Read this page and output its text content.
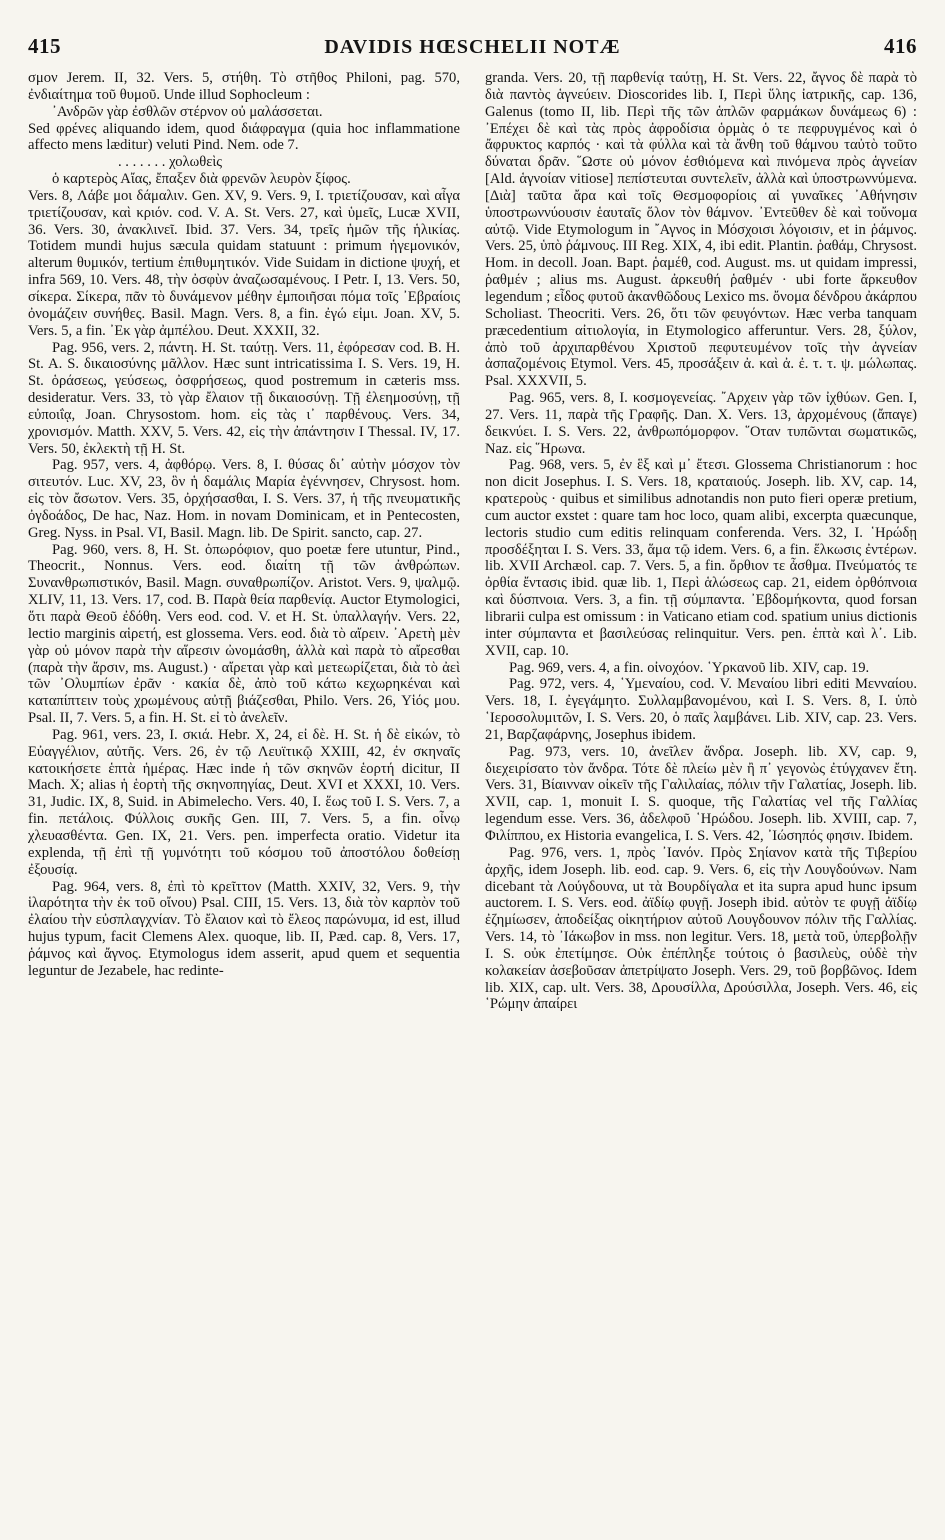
415	DAVIDIS HŒSCHELII NOTÆ	416

σμον Jerem. II, 32. Vers. 5, στήθη. Τὸ στῆθος Philoni, pag. 570, ἐνδιαίτημα τοῦ θυμοῦ. Unde illud Sophocleum :

᾽Ανδρῶν γὰρ ἐσθλῶν στέρνον οὐ μαλάσσεται.

Sed φρένες aliquando idem, quod διάφραγμα (quia hoc inflammatione affecto mens læditur) veluti Pind. Nem. ode 7.

. . . . . . . χολωθεὶς

ὁ καρτερὸς Αἴας, ἔπαξεν διὰ φρενῶν λευρὸν ξίφος.

Vers. 8, Λάβε μοι δάμαλιν. Gen. XV, 9. Vers. 9, I. τριετίζουσαν, καὶ αἶγα τριετίζουσαν, καὶ κριόν. cod. V. A. St. Vers. 27, καὶ ὑμεῖς, Lucæ XVII, 36. Vers. 30, ἀνακλινεῖ. Ibid. 37. Vers. 34, τρεῖς ἡμῶν τῆς ἡλικίας. Totidem mundi hujus sæcula quidam statuunt : primum ἡγεμονικόν, alterum θυμικόν, tertium ἐπιθυμητικόν. Vide Suidam in dictione ψυχή, et infra 569, 10. Vers. 48, τὴν ὀσφὺν ἀναζωσαμένους. I Petr. I, 13. Vers. 50, σίκερα. Σίκερα, πᾶν τὸ δυνάμενον μέθην ἐμποιῆσαι πόμα τοῖς ᾽Εβραίοις ὀνομάζειν συνήθες. Basil. Magn. Vers. 8, a fin. ἐγώ εἰμι. Joan. XV, 5. Vers. 5, a fin. ᾽Εκ γὰρ ἀμπέλου. Deut. XXXII, 32.

Pag. 956, vers. 2, πάντη. H. St. ταύτῃ. Vers. 11, ἐφόρεσαν cod. B. H. St. A. S. δικαιοσύνης μᾶλλον. Hæc sunt intricatissima I. S. Vers. 19, H. St. ὁράσεως, γεύσεως, ὀσφρήσεως, quod postremum in cæteris mss. desideratur. Vers. 33, τὸ γὰρ ἔλαιον τῇ δικαιοσύνῃ. Τῇ ἐλεημοσύνῃ, τῇ εὐποιΐᾳ, Joan. Chrysostom. hom. εἰς τὰς ι᾽ παρθένους. Vers. 34, χρονισμόν. Matth. XXV, 5. Vers. 42, εἰς τὴν ἀπάντησιν I Thessal. IV, 17. Vers. 50, ἐκλεκτὴ τῇ H. St.

Pag. 957, vers. 4, ἀφθόρῳ. Vers. 8, I. θύσας δι᾽ αὐτὴν μόσχον τὸν σιτευτόν. Luc. XV, 23, ὃν ἡ δαμάλις Μαρία ἐγέννησεν, Chrysost. hom. εἰς τὸν ἄσωτον. Vers. 35, ὀρχήσασθαι, I. S. Vers. 37, ἡ τῆς πνευματικῆς ὀγδοάδος, De hac, Naz. Hom. in novam Dominicam, et in Pentecosten, Greg. Nyss. in Psal. VI, Basil. Magn. lib. De Spirit. sancto, cap. 27.

Pag. 960, vers. 8, H. St. ὀπωρόφιον, quo poetæ fere utuntur, Pind., Theocrit., Nonnus. Vers. eod. διαίτη τῇ τῶν ἀνθρώπων. Συνανθρωπιστικόν, Basil. Magn. συναθρωπίζον. Aristot. Vers. 9, ψαλμῷ. XLIV, 11, 13. Vers. 17, cod. B. Παρὰ θεία παρθενίᾳ. Auctor Etymologici, ὅτι παρὰ Θεοῦ ἐδόθη. Vers eod. cod. V. et H. St. ὑπαλλαγήν. Vers. 22, lectio marginis αἱρετή, est glossema. Vers. eod. διὰ τὸ αἴρειν. ᾽Αρετὴ μὲν γὰρ οὐ μόνον παρὰ τὴν αἵρεσιν ὠνομάσθη, ἀλλὰ καὶ παρὰ τὸ αἴρεσθαι (παρὰ τὴν ἄρσιν, ms. August.) · αἴρεται γὰρ καὶ μετεωρίζεται, διὰ τὸ ἀεὶ τῶν ᾽Ολυμπίων ἐρᾶν · κακία δὲ, ἀπὸ τοῦ κάτω κεχωρηκέναι καὶ καταπίπτειν τοὺς χρωμένους αὐτῇ βιάζεσθαι, Philo. Vers. 26, Υἱός μου. Psal. II, 7. Vers. 5, a fin. H. St. εἰ τὸ ἀνελεῖν.

Pag. 961, vers. 23, I. σκιά. Hebr. X, 24, εἰ δὲ. H. St. ἡ δὲ εἰκών, τὸ Εὐαγγέλιον, αὐτῆς. Vers. 26, ἐν τῷ Λευϊτικῷ XXIII, 42, ἐν σκηναῖς κατοικήσετε ἑπτὰ ἡμέρας. Hæc inde ἡ τῶν σκηνῶν ἑορτή dicitur, II Mach. X; alias ἡ ἑορτὴ τῆς σκηνοπηγίας, Deut. XVI et XXXI, 10. Vers. 31, Judic. IX, 8, Suid. in Abimelecho. Vers. 40, I. ἕως τοῦ I. S. Vers. 7, a fin. πετάλοις. Φύλλοις συκῆς Gen. III, 7. Vers. 5, a fin. οἶνῳ χλευασθέντα. Gen. IX, 21. Vers. pen. imperfecta oratio. Videtur ita explenda, τῇ ἐπὶ τῇ γυμνότητι τοῦ κόσμου τοῦ ἀποστόλου δοθείσῃ ἐξουσίᾳ.

Pag. 964, vers. 8, ἐπὶ τὸ κρεῖττον (Matth. XXIV, 32, Vers. 9, τὴν ἱλαρότητα τὴν ἐκ τοῦ οἴνου) Psal. CIII, 15. Vers. 13, διὰ τὸν καρπὸν τοῦ ἐλαίου τὴν εὐσπλαγχνίαν. Τὸ ἔλαιον καὶ τὸ ἔλεος παρώνυμα, id est, illud hujus typum, facit Clemens Alex. quoque, lib. II, Pæd. cap. 8, Vers. 17, ῥάμνος καὶ ἄγνος. Etymologus idem asserit, apud quem et sequentia leguntur de Jezabele, hac redinte-

granda. Vers. 20, τῇ παρθενίᾳ ταύτῃ, H. St. Vers. 22, ἄγνος δὲ παρὰ τὸ διὰ παντὸς ἁγνεύειν. Dioscorides lib. I, Περὶ ὕλης ἰατρικῆς, cap. 136, Galenus (tomo II, lib. Περὶ τῆς τῶν ἁπλῶν φαρμάκων δυνάμεως 6) : ᾽Επέχει δὲ καὶ τὰς πρὸς ἀφροδίσια ὁρμὰς ὁ τε πεφρυγμένος καὶ ὁ ἄφρυκτος καρπός · καὶ τὰ φύλλα καὶ τὰ ἄνθη τοῦ θάμνου ταὐτὸ τοῦτο δύναται δρᾶν. ῞Ωστε οὐ μόνον ἐσθιόμενα καὶ πινόμενα πρὸς ἁγνείαν [Ald. ἁγνοίαν vitiose] πεπίστευται συντελεῖν, ἀλλὰ καὶ ὑποστρωννύμενα. [Διὰ] ταῦτα ἄρα καὶ τοῖς Θεσμοφορίοις αἱ γυναῖκες ᾽Αθήνησιν ὑποστρωννύουσιν ἑαυταῖς ὅλον τὸν θάμνον. ᾽Εντεῦθεν δὲ καὶ τοὔνομα αὐτῷ. Vide Etymologum in ῎Αγνος in Μόσχοισι λόγοισιν, et in ῥάμνος. Vers. 25, ὑπὸ ῥάμνους. III Reg. XIX, 4, ibi edit. Plantin. ῥαθάμ, Chrysost. Hom. in decoll. Joan. Bapt. ῥαμέθ, cod. August. ms. ut quidam impressi, ῥαθμέν ; alius ms. August. ἀρκευθή ῥαθμέν · ubi forte ἄρκευθον legendum ; εἶδος φυτοῦ ἀκανθῶδους Lexico ms. ὄνομα δένδρου ἀκάρπου Scholiast. Theocriti. Vers. 26, ὅτι τῶν φευγόντων. Hæc verba tanquam præcedentium αἰτιολογία, in Etymologico afferuntur. Vers. 28, ξύλον, ἀπὸ τοῦ ἀρχιπαρθένου Χριστοῦ πεφυτευμένον τοῖς τὴν ἁγνείαν ἀσπαζομένοις Etymol. Vers. 45, προσάξειν ἀ. καὶ ἀ. ἐ. τ. τ. ψ. μώλωπας. Psal. XXXVII, 5.

Pag. 965, vers. 8, I. κοσμογενείας. ῎Αρχειν γὰρ τῶν ἰχθύων. Gen. I, 27. Vers. 11, παρὰ τῆς Γραφῆς. Dan. X. Vers. 13, ἀρχομένους (ἄπαγε) δεικνύει. I. S. Vers. 22, ἀνθρωπόμορφον. ῞Οταν τυπῶνται σωματικῶς, Naz. εἰς ῞Ηρωνα.

Pag. 968, vers. 5, ἐν ἓξ καὶ μ᾽ ἔτεσι. Glossema Christianorum : hoc non dicit Josephus. I. S. Vers. 18, κραταιούς. Joseph. lib. XV, cap. 14, κρατεροὺς · quibus et similibus adnotandis non puto fieri operæ pretium, cum auctor exstet : quare tam hoc loco, quam alibi, excerpta quæcunque, lectoris studio cum editis relinquam conferenda. Vers. 32, I. ῾Ηρώδῃ προσδέξηται I. S. Vers. 33, ἅμα τῷ idem. Vers. 6, a fin. ἕλκωσις ἐντέρων. lib. XVII Archæol. cap. 7. Vers. 5, a fin. ὄρθιον τε ἆσθμα. Πνεύματός τε ὀρθία ἔντασις ibid. quæ lib. 1, Περὶ ἁλώσεως cap. 21, eidem ὀρθόπνοια καὶ δύσπνοια. Vers. 3, a fin. τῇ σύμπαντα. ᾽Εβδομήκοντα, quod forsan librarii culpa est omissum : in Vaticano etiam cod. spatium unius dictionis inter σύμπαντα et βασιλεύσας relinquitur. Vers. pen. ἑπτὰ καὶ λ᾽. Lib. XVII, cap. 10.

Pag. 969, vers. 4, a fin. οἰνοχόον. ῾Υρκανοῦ lib. XIV, cap. 19.

Pag. 972, vers. 4, ῾Υμεναίου, cod. V. Μεναίου libri editi Μενναίου. Vers. 18, I. ἐγεγάμητο. Συλλαμβανομένου, καὶ I. S. Vers. 8, I. ὑπὸ ῾Ιεροσολυμιτῶν, I. S. Vers. 20, ὁ παῖς λαμβάνει. Lib. XIV, cap. 23. Vers. 21, Βαρζαφάρνης, Josephus ibidem.

Pag. 973, vers. 10, ἀνεῖλεν ἄνδρα. Joseph. lib. XV, cap. 9, διεχειρίσατο τὸν ἄνδρα. Τότε δὲ πλείω μὲν ἢ π᾽ γεγονὼς ἐτύγχανεν ἔτη. Vers. 31, Βίαινναν οἰκεῖν τῆς Γαλιλαίας, πόλιν τῆν Γαλατίας, Joseph. lib. XVII, cap. 1, monuit I. S. quoque, τῆς Γαλατίας vel τῆς Γαλλίας legendum esse. Vers. 36, ἀδελφοῦ ῾Ηρώδου. Joseph. lib. XVIII, cap. 7, Φιλίππου, ex Historia evangelica, I. S. Vers. 42, ᾽Ιώσηπός φησιν. Ibidem.

Pag. 976, vers. 1, πρὸς ᾽Ιανόν. Πρὸς Σηίανον κατὰ τῆς Τιβερίου ἀρχῆς, idem Joseph. lib. eod. cap. 9. Vers. 6, εἰς τὴν Λουγδούνων. Nam dicebant τὰ Λούγδουνα, ut τὰ Βουρδίγαλα et ita supra apud hunc ipsum auctorem. I. S. Vers. eod. ἀϊδίῳ φυγῇ. Joseph ibid. αὐτὸν τε φυγῇ ἀϊδίῳ ἐζημίωσεν, ἀποδείξας οἰκητήριον αὐτοῦ Λουγδουνον πόλιν τῆς Γαλλίας. Vers. 14, τὸ ᾽Ιάκωβον in mss. non legitur. Vers. 18, μετὰ τοῦ, ὑπερβολῇν I. S. οὐκ ἐπετίμησε. Οὐκ ἐπέπληξε τούτοις ὁ βασιλεὺς, οὐδὲ τὴν κολακείαν ἀσεβοῦσαν ἀπετρίψατο Joseph. Vers. 29, τοῦ βορβῶνος. Idem lib. XIX, cap. ult. Vers. 38, Δρουσίλλα, Δρούσιλλα, Joseph. Vers. 46, εἰς ῾Ρώμην ἀπαίρει
